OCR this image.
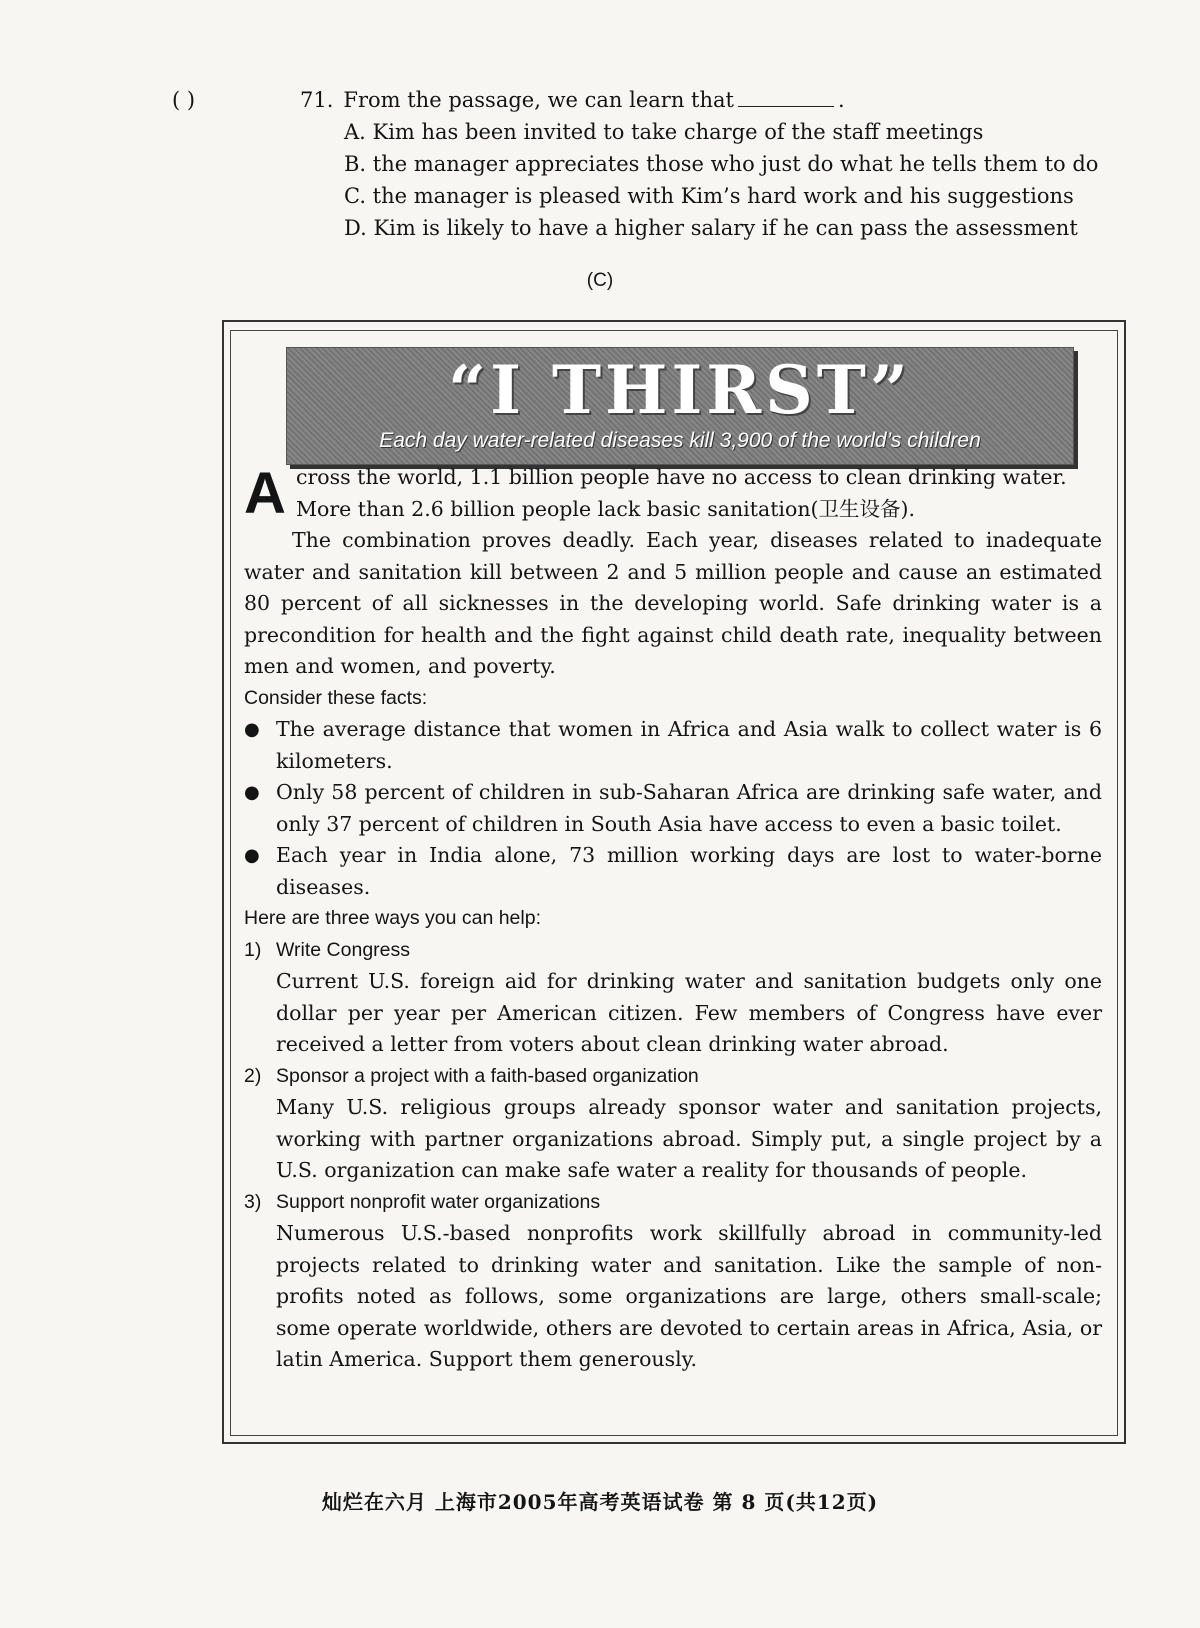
( )	71. From the passage, we can learn that	.
A. Kim has been invited to take charge of the staff meetings
B. the manager appreciates those who just do what he tells them to do
C. the manager is pleased with Kim’s hard work and his suggestions
D. Kim is likely to have a higher salary if he can pass the assessment
(C)
“I THIRST”
Each day water-related diseases kill 3,900 of the world’s children
A cross the world, 1.1 billion people have no access to clean drinking water. More than 2.6 billion people lack basic sanitation(卫生设备).
The combination proves deadly. Each year, diseases related to inadequate water and sanitation kill between 2 and 5 million people and cause an estimated 80 percent of all sicknesses in the developing world. Safe drinking water is a precondition for health and the fight against child death rate, inequality between men and women, and poverty.
Consider these facts:
● The average distance that women in Africa and Asia walk to collect water is 6 kilometers.
● Only 58 percent of children in sub-Saharan Africa are drinking safe water, and only 37 percent of children in South Asia have access to even a basic toilet.
● Each year in India alone, 73 million working days are lost to water-borne diseases.
Here are three ways you can help:
1) Write Congress
Current U.S. foreign aid for drinking water and sanitation budgets only one dollar per year per American citizen. Few members of Congress have ever received a letter from voters about clean drinking water abroad.
2) Sponsor a project with a faith-based organization
Many U.S. religious groups already sponsor water and sanitation projects, working with partner organizations abroad. Simply put, a single project by a U.S. organization can make safe water a reality for thousands of people.
3) Support nonprofit water organizations
Numerous U.S.-based nonprofits work skillfully abroad in community-led projects related to drinking water and sanitation. Like the sample of non-profits noted as follows, some organizations are large, others small-scale; some operate worldwide, others are devoted to certain areas in Africa, Asia, or latin America. Support them generously.
灿烂在六月 上海市2005年高考英语试卷 第 8 页(共12页)
